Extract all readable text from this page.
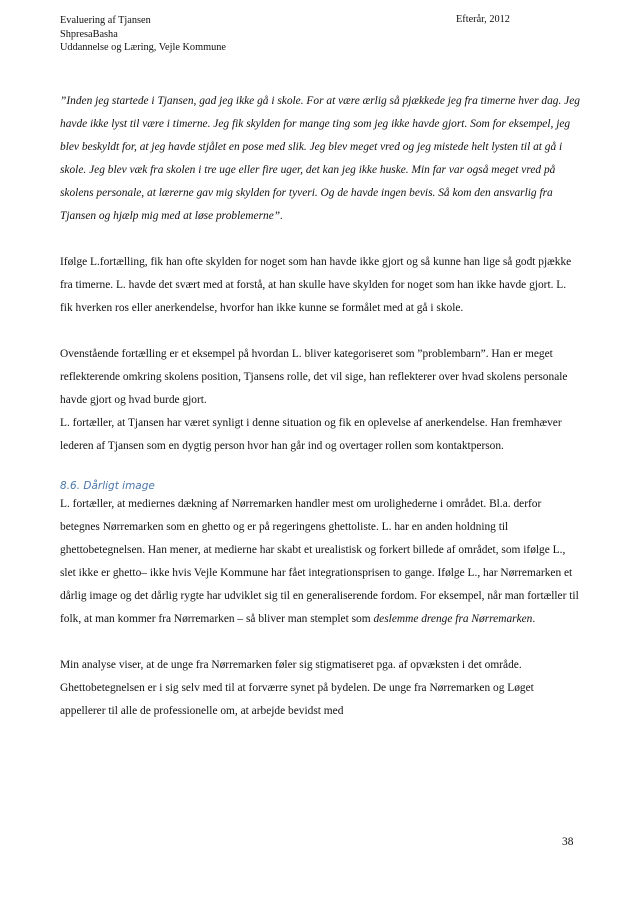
Evaluering af Tjansen
ShpresaBasha
Uddannelse og Læring, Vejle Kommune
Efterår, 2012

”Inden jeg startede i Tjansen, gad jeg ikke gå i skole. For at være ærlig så pjækkede jeg fra timerne hver dag. Jeg havde ikke lyst til være i timerne. Jeg fik skylden for mange ting som jeg ikke havde gjort. Som for eksempel, jeg blev beskyldt for, at jeg havde stjålet en pose med slik. Jeg blev meget vred og jeg mistede helt lysten til at gå i skole. Jeg blev væk fra skolen i tre uge eller fire uger, det kan jeg ikke huske. Min far var også meget vred på skolens personale, at lærerne gav mig skylden for tyveri. Og de havde ingen bevis. Så kom den ansvarlig fra Tjansen og hjælp mig med at løse problemerne”.

Ifølge L.fortælling, fik han ofte skylden for noget som han havde ikke gjort og så kunne han lige så godt pjække fra timerne. L. havde det svært med at forstå, at han skulle have skylden for noget som han ikke havde gjort. L. fik hverken ros eller anerkendelse, hvorfor han ikke kunne se formålet med at gå i skole.

Ovenstående fortælling er et eksempel på hvordan L. bliver kategoriseret som ”problembarn”. Han er meget reflekterende omkring skolens position, Tjansens rolle, det vil sige, han reflekterer over hvad skolens personale havde gjort og hvad burde gjort.

L. fortæller, at Tjansen har været synligt i denne situation og fik en oplevelse af anerkendelse. Han fremhæver lederen af Tjansen som en dygtig person hvor han går ind og overtager rollen som kontaktperson.

8.6. Dårligt image

L. fortæller, at mediernes dækning af Nørremarken handler mest om urolighederne i området. Bl.a. derfor betegnes Nørremarken som en ghetto og er på regeringens ghettoliste. L. har en anden holdning til ghettobetegnelsen. Han mener, at medierne har skabt et urealistisk og forkert billede af området, som ifølge L., slet ikke er ghetto– ikke hvis Vejle Kommune har fået integrationsprisen to gange. Ifølge L., har Nørremarken et dårlig image og det dårlig rygte har udviklet sig til en generaliserende fordom. For eksempel, når man fortæller til folk, at man kommer fra Nørremarken – så bliver man stemplet som deslemme drenge fra Nørremarken.

Min analyse viser, at de unge fra Nørremarken føler sig stigmatiseret pga. af opvæksten i det område. Ghettobetegnelsen er i sig selv med til at forværre synet på bydelen. De unge fra Nørremarken og Løget appellerer til alle de professionelle om, at arbejde bevidst med

38
